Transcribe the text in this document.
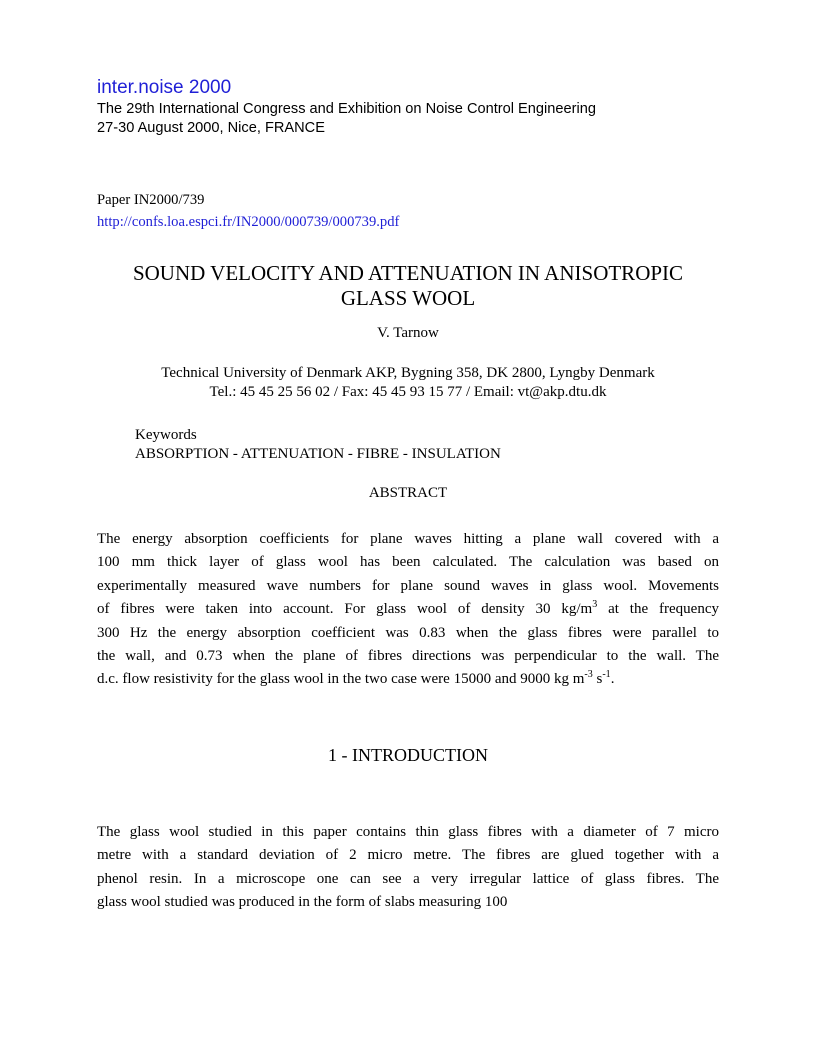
inter.noise 2000
The 29th International Congress and Exhibition on Noise Control Engineering
27-30 August 2000, Nice, FRANCE
Paper IN2000/739
http://confs.loa.espci.fr/IN2000/000739/000739.pdf
SOUND VELOCITY AND ATTENUATION IN ANISOTROPIC
GLASS WOOL
V. Tarnow
Technical University of Denmark AKP, Bygning 358, DK 2800, Lyngby Denmark
Tel.: 45 45 25 56 02 / Fax: 45 45 93 15 77 / Email: vt@akp.dtu.dk
Keywords
ABSORPTION - ATTENUATION - FIBRE - INSULATION
ABSTRACT
The energy absorption coefficients for plane waves hitting a plane wall covered with a
100 mm thick layer of glass wool has been calculated. The calculation was based on
experimentally measured wave numbers for plane sound waves in glass wool. Movements
of fibres were taken into account. For glass wool of density 30 $kg/m^3$ at the frequency
300 Hz the energy absorption coefficient was 0.83 when the glass fibres were parallel to
the wall, and 0.73 when the plane of fibres directions was perpendicular to the wall. The
d.c. flow resistivity for the glass wool in the two case were 15000 and 9000 kg $m^{-3}$ $s^{-1}$.
1 - INTRODUCTION
The glass wool studied in this paper contains thin glass fibres with a diameter of 7 micro
metre with a standard deviation of 2 micro metre. The fibres are glued together with a
phenol resin. In a microscope one can see a very irregular lattice of glass fibres. The
glass wool studied was produced in the form of slabs measuring 100
